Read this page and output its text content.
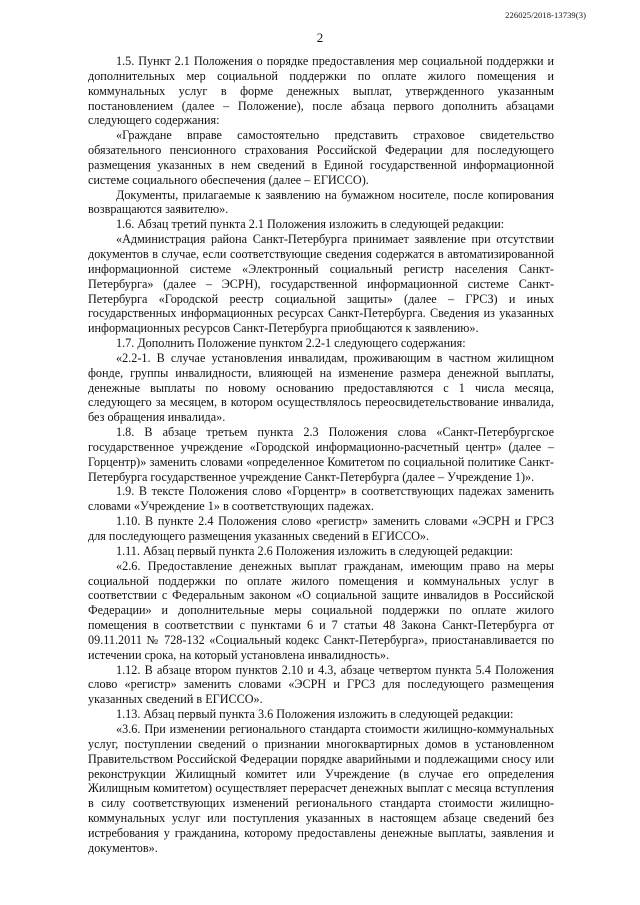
226025/2018-13739(3)
2

1.5. Пункт 2.1 Положения о порядке предоставления мер социальной поддержки и дополнительных мер социальной поддержки по оплате жилого помещения и коммунальных услуг в форме денежных выплат, утвержденного указанным постановлением (далее – Положение), после абзаца первого дополнить абзацами следующего содержания:

«Граждане вправе самостоятельно представить страховое свидетельство обязательного пенсионного страхования Российской Федерации для последующего размещения указанных в нем сведений в Единой государственной информационной системе социального обеспечения (далее – ЕГИССО).

Документы, прилагаемые к заявлению на бумажном носителе, после копирования возвращаются заявителю».

1.6. Абзац третий пункта 2.1 Положения изложить в следующей редакции:

«Администрация района Санкт-Петербурга принимает заявление при отсутствии документов в случае, если соответствующие сведения содержатся в автоматизированной информационной системе «Электронный социальный регистр населения Санкт-Петербурга» (далее – ЭСРН), государственной информационной системе Санкт-Петербурга «Городской реестр социальной защиты» (далее – ГРСЗ) и иных государственных информационных ресурсах Санкт-Петербурга. Сведения из указанных информационных ресурсов Санкт-Петербурга приобщаются к заявлению».

1.7. Дополнить Положение пунктом 2.2-1 следующего содержания:

«2.2-1. В случае установления инвалидам, проживающим в частном жилищном фонде, группы инвалидности, влияющей на изменение размера денежной выплаты, денежные выплаты по новому основанию предоставляются с 1 числа месяца, следующего за месяцем, в котором осуществлялось переосвидетельствование инвалида, без обращения инвалида».

1.8. В абзаце третьем пункта 2.3 Положения слова «Санкт-Петербургское государственное учреждение «Городской информационно-расчетный центр» (далее – Горцентр)» заменить словами «определенное Комитетом по социальной политике Санкт-Петербурга государственное учреждение Санкт-Петербурга (далее – Учреждение 1)».

1.9. В тексте Положения слово «Горцентр» в соответствующих падежах заменить словами «Учреждение 1» в соответствующих падежах.

1.10. В пункте 2.4 Положения слово «регистр» заменить словами «ЭСРН и ГРСЗ для последующего размещения указанных сведений в ЕГИССО».

1.11. Абзац первый пункта 2.6 Положения изложить в следующей редакции:

«2.6. Предоставление денежных выплат гражданам, имеющим право на меры социальной поддержки по оплате жилого помещения и коммунальных услуг в соответствии с Федеральным законом «О социальной защите инвалидов в Российской Федерации» и дополнительные меры социальной поддержки по оплате жилого помещения в соответствии с пунктами 6 и 7 статьи 48 Закона Санкт-Петербурга от 09.11.2011 № 728-132 «Социальный кодекс Санкт-Петербурга», приостанавливается по истечении срока, на который установлена инвалидность».

1.12. В абзаце втором пунктов 2.10 и 4.3, абзаце четвертом пункта 5.4 Положения слово «регистр» заменить словами «ЭСРН и ГРСЗ для последующего размещения указанных сведений в ЕГИССО».

1.13. Абзац первый пункта 3.6 Положения изложить в следующей редакции:

«3.6. При изменении регионального стандарта стоимости жилищно-коммунальных услуг, поступлении сведений о признании многоквартирных домов в установленном Правительством Российской Федерации порядке аварийными и подлежащими сносу или реконструкции Жилищный комитет или Учреждение (в случае его определения Жилищным комитетом) осуществляет перерасчет денежных выплат с месяца вступления в силу соответствующих изменений регионального стандарта стоимости жилищно-коммунальных услуг или поступления указанных в настоящем абзаце сведений без истребования у гражданина, которому предоставлены денежные выплаты, заявления и документов».
